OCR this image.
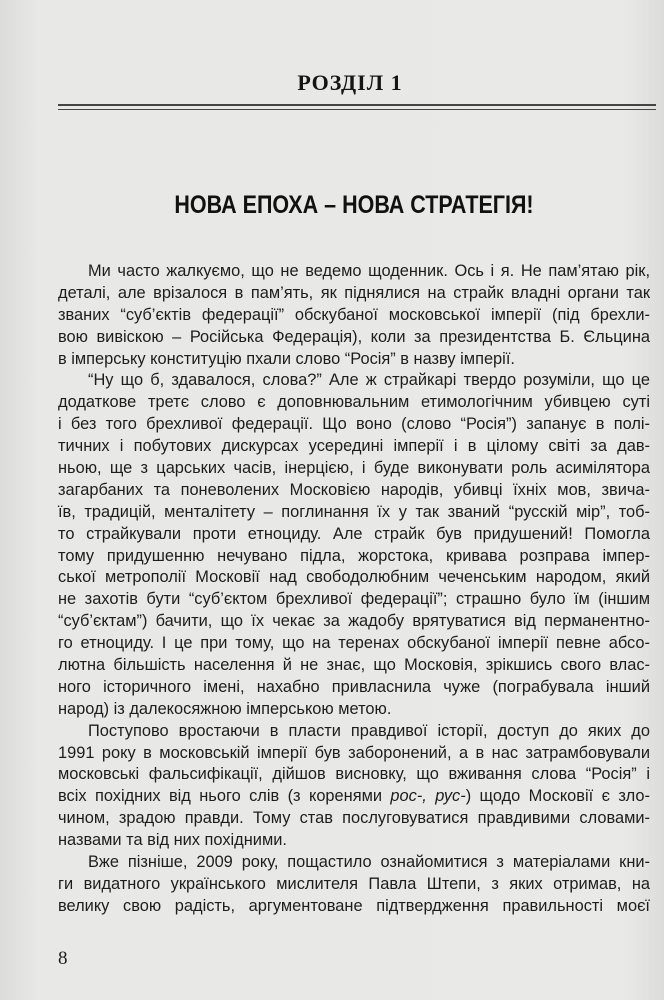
РОЗДІЛ 1
НОВА ЕПОХА – НОВА СТРАТЕГІЯ!
Ми часто жалкуємо, що не ведемо щоденник. Ось і я. Не пам’ятаю рік,
деталі, але врізалося в пам’ять, як піднялися на страйк владні органи так
званих “суб’єктів федерації” обскубаної московської імперії (під брехли-
вою вивіскою – Російська Федерація), коли за президентства Б. Єльцина
в імперську конституцію пхали слово “Росія” в назву імперії.
“Ну що б, здавалося, слова?” Але ж страйкарі твердо розуміли, що це
додаткове третє слово є доповнювальним етимологічним убивцею суті
і без того брехливої федерації. Що воно (слово “Росія”) запанує в полі-
тичних і побутових дискурсах усередині імперії і в цілому світі за дав-
ньою, ще з царських часів, інерцією, і буде виконувати роль асимілятора
загарбаних та поневолених Московією народів, убивці їхніх мов, звича-
їв, традицій, менталітету – поглинання їх у так званий “русскій мір”, тоб-
то страйкували проти етноциду. Але страйк був придушений! Помогла
тому придушенню нечувано підла, жорстока, кривава розправа імпер-
ської метрополії Московії над свободолюбним чеченським народом, який
не захотів бути “суб’єктом брехливої федерації”; страшно було їм (іншим
“суб’єктам”) бачити, що їх чекає за жадобу врятуватися від перманентно-
го етноциду. І це при тому, що на теренах обскубаної імперії певне абсо-
лютна більшість населення й не знає, що Московія, зрікшись свого влас-
ного історичного імені, нахабно привласнила чуже (пограбувала інший
народ) із далекосяжною імперською метою.
Поступово вростаючи в пласти правдивої історії, доступ до яких до
1991 року в московській імперії був заборонений, а в нас затрамбовували
московські фальсифікації, дійшов висновку, що вживання слова “Росія” і
всіх похідних від нього слів (з коренями рос-, рус-) щодо Московії є зло-
чином, зрадою правди. Тому став послуговуватися правдивими словами-
назвами та від них похідними.
Вже пізніше, 2009 року, пощастило ознайомитися з матеріалами кни-
ги видатного українського мислителя Павла Штепи, з яких отримав, на
велику свою радість, аргументоване підтвердження правильності моєї
8
